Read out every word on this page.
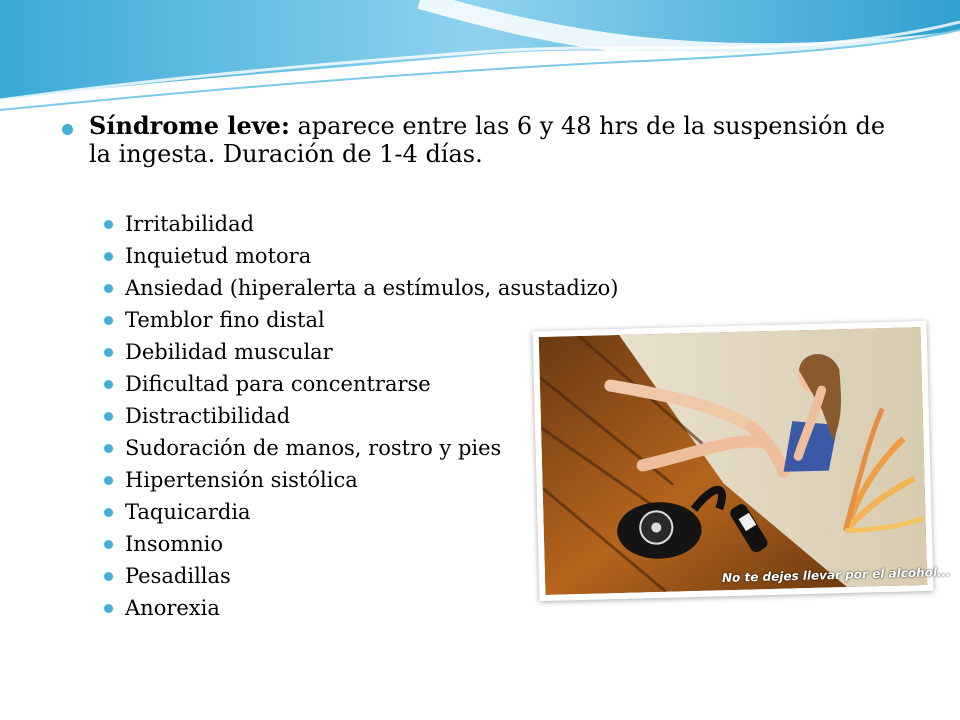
Síndrome leve: aparece entre las 6 y 48 hrs de la suspensión de la ingesta. Duración de 1-4 días.

Irritabilidad
Inquietud motora
Ansiedad (hiperalerta a estímulos, asustadizo)
Temblor fino distal
Debilidad muscular
Dificultad para concentrarse
Distractibilidad
Sudoración de manos, rostro y pies
Hipertensión sistólica
Taquicardia
Insomnio
Pesadillas
Anorexia
No te dejes llevar por el alcohol...
